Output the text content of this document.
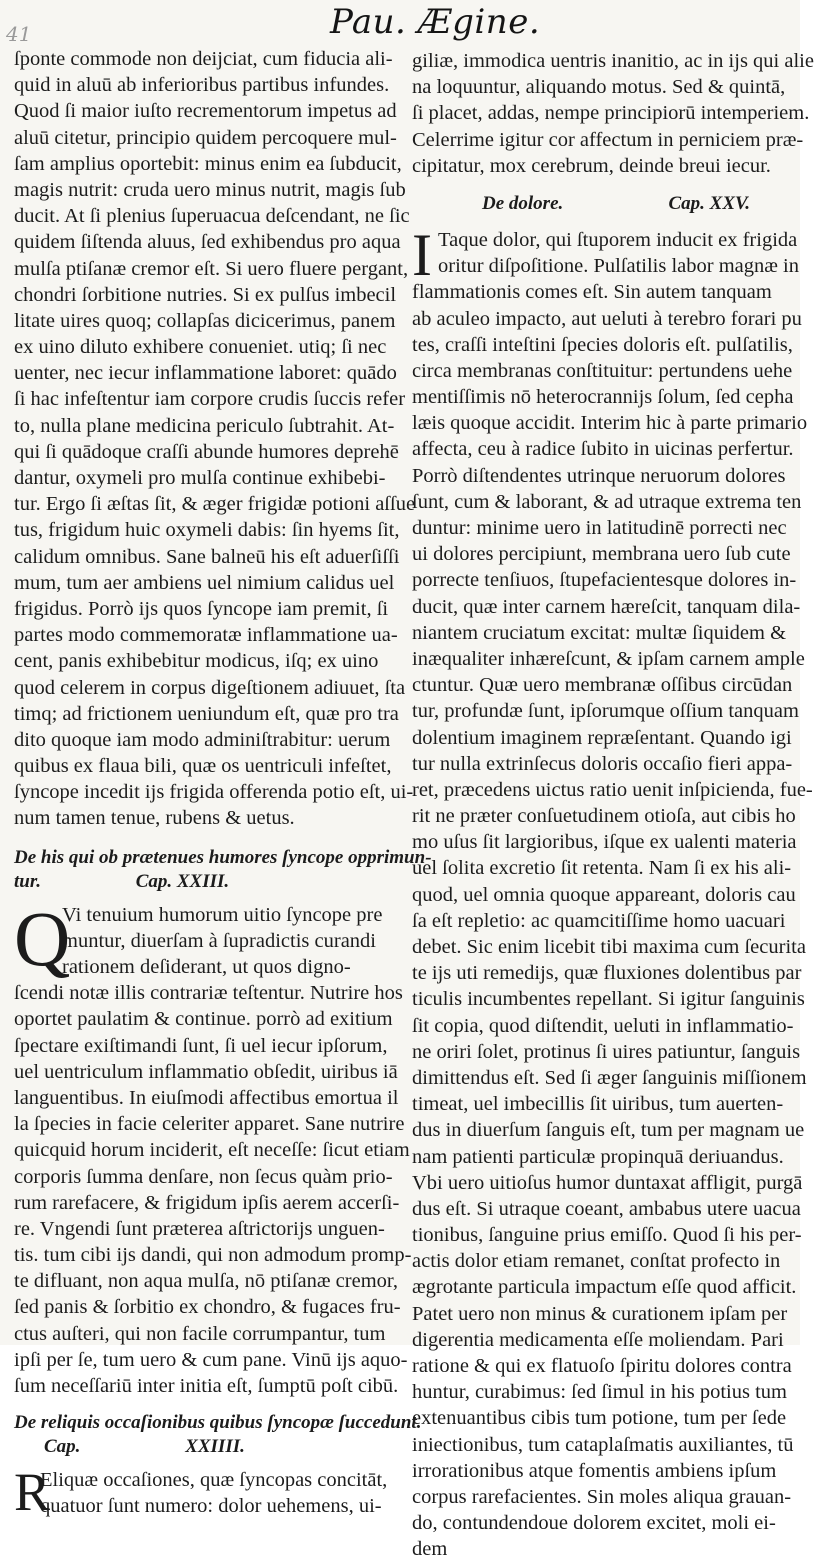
41	Pau. Ægine.
ſponte commode non deijciat, cum fiducia ali-
quid in aluū ab inferioribus partibus infundes.
Quod ſi maior iuſto recrementorum impetus ad
aluū citetur, principio quidem percoquere mul-
ſam amplius oportebit: minus enim ea ſubducit,
magis nutrit: cruda uero minus nutrit, magis ſub
ducit. At ſi plenius ſuperuacua deſcendant, ne ſic
quidem ſiſtenda aluus, ſed exhibendus pro aqua
mulſa ptiſanæ cremor eſt. Si uero fluere pergant,
chondri ſorbitione nutries. Si ex pulſus imbecil
litate uires quoq; collapſas dicicerimus, panem
ex uino diluto exhibere conueniet. utiq; ſi nec
uenter, nec iecur inflammatione laboret: quādo
ſi hac infeſtentur iam corpore crudis ſuccis refer
to, nulla plane medicina periculo ſubtrahit. At-
qui ſi quādoque craſſi abunde humores deprehē
dantur, oxymeli pro mulſa continue exhibebi-
tur. Ergo ſi æſtas ſit, & æger frigidæ potioni aſſue
tus, frigidum huic oxymeli dabis: ſin hyems ſit,
calidum omnibus. Sane balneū his eſt aduerſiſſi
mum, tum aer ambiens uel nimium calidus uel
frigidus. Porrò ijs quos ſyncope iam premit, ſi
partes modo commemoratæ inflammatione ua-
cent, panis exhibebitur modicus, iſq; ex uino
quod celerem in corpus digeſtionem adiuuet, ſta
timq; ad frictionem ueniundum eſt, quæ pro tra
dito quoque iam modo adminiſtrabitur: uerum
quibus ex flaua bili, quæ os uentriculi infeſtet,
ſyncope incedit ijs frigida offerenda potio eſt, ui-
num tamen tenue, rubens & uetus.
De his qui ob prætenues humores ſyncope opprimun-
tur.	Cap. XXIII.
Q
Vi tenuium humorum uitio ſyncope pre
muntur, diuerſam à ſupradictis curandi
rationem deſiderant, ut quos digno-
ſcendi notæ illis contrariæ teſtentur. Nutrire hos
oportet paulatim & continue. porrò ad exitium
ſpectare exiſtimandi ſunt, ſi uel iecur ipſorum,
uel uentriculum inflammatio obſedit, uiribus iā
languentibus. In eiuſmodi affectibus emortua il
la ſpecies in facie celeriter apparet. Sane nutrire
quicquid horum inciderit, eſt neceſſe: ſicut etiam
corporis ſumma denſare, non ſecus quàm prio-
rum rarefacere, & frigidum ipſis aerem accerſi-
re. Vngendi ſunt præterea aſtrictorijs unguen-
tis. tum cibi ijs dandi, qui non admodum promp-
te difluant, non aqua mulſa, nō ptiſanæ cremor,
ſed panis & ſorbitio ex chondro, & fugaces fru-
ctus auſteri, qui non facile corrumpantur, tum
ipſi per ſe, tum uero & cum pane. Vinū ijs aquo-
ſum neceſſariū inter initia eſt, ſumptū poſt cibū.
De reliquis occaſionibus quibus ſyncopæ ſuccedunt.
Cap.	XXIIII.
R
Eliquæ occaſiones, quæ ſyncopas concitāt,
quatuor ſunt numero: dolor uehemens, ui-
giliæ, immodica uentris inanitio, ac in ijs qui alie
na loquuntur, aliquando motus. Sed & quintā,
ſi placet, addas, nempe principiorū intemperiem.
Celerrime igitur cor affectum in perniciem præ-
cipitatur, mox cerebrum, deinde breui iecur.
De dolore.	Cap. XXV.
I Taque dolor, qui ſtuporem inducit ex frigida
oritur diſpoſitione. Pulſatilis labor magnæ in
flammationis comes eſt. Sin autem tanquam
ab aculeo impacto, aut ueluti à terebro forari pu
tes, craſſi inteſtini ſpecies doloris eſt. pulſatilis,
circa membranas conſtituitur: pertundens uehe
mentiſſimis nō heterocrannijs ſolum, ſed cepha
læis quoque accidit. Interim hic à parte primario
affecta, ceu à radice ſubito in uicinas perfertur.
Porrò diſtendentes utrinque neruorum dolores
ſunt, cum & laborant, & ad utraque extrema ten
duntur: minime uero in latitudinē porrecti nec
ui dolores percipiunt, membrana uero ſub cute
porrecte tenſiuos, ſtupefacientesque dolores in-
ducit, quæ inter carnem hæreſcit, tanquam dila-
niantem cruciatum excitat: multæ ſiquidem &
inæqualiter inhæreſcunt, & ipſam carnem ample
ctuntur. Quæ uero membranæ oſſibus circūdan
tur, profundæ ſunt, ipſorumque oſſium tanquam
dolentium imaginem repræſentant. Quando igi
tur nulla extrinſecus doloris occaſio fieri appa-
ret, præcedens uictus ratio uenit inſpicienda, fue-
rit ne præter conſuetudinem otioſa, aut cibis ho
mo uſus ſit largioribus, iſque ex ualenti materia
uel ſolita excretio ſit retenta. Nam ſi ex his ali-
quod, uel omnia quoque appareant, doloris cau
ſa eſt repletio: ac quamcitiſſime homo uacuari
debet. Sic enim licebit tibi maxima cum ſecurita
te ijs uti remedijs, quæ fluxiones dolentibus par
ticulis incumbentes repellant. Si igitur ſanguinis
ſit copia, quod diſtendit, ueluti in inflammatio-
ne oriri ſolet, protinus ſi uires patiuntur, ſanguis
dimittendus eſt. Sed ſi æger ſanguinis miſſionem
timeat, uel imbecillis ſit uiribus, tum auerten-
dus in diuerſum ſanguis eſt, tum per magnam ue
nam patienti particulæ propinquā deriuandus.
Vbi uero uitioſus humor duntaxat affligit, purgā
dus eſt. Si utraque coeant, ambabus utere uacua
tionibus, ſanguine prius emiſſo. Quod ſi his per-
actis dolor etiam remanet, conſtat profecto in
ægrotante particula impactum eſſe quod afficit.
Patet uero non minus & curationem ipſam per
digerentia medicamenta eſſe moliendam. Pari
ratione & qui ex flatuoſo ſpiritu dolores contra
huntur, curabimus: ſed ſimul in his potius tum
extenuantibus cibis tum potione, tum per ſede
iniectionibus, tum cataplaſmatis auxiliantes, tū
irrorationibus atque fomentis ambiens ipſum
corpus rarefacientes. Sin moles aliqua grauan-
do, contundendoue dolorem excitet, moli ei-
dem
